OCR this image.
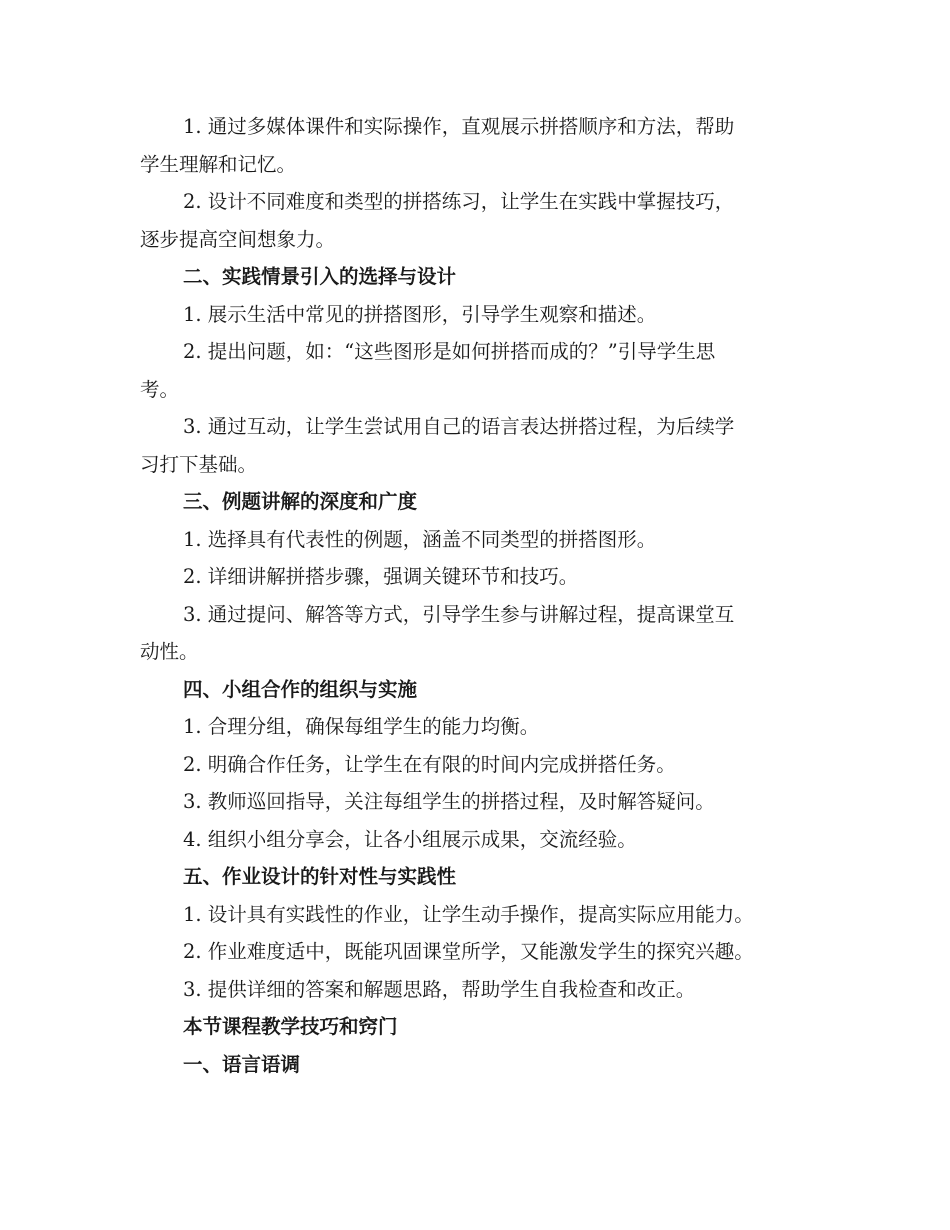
1. 通过多媒体课件和实际操作，直观展示拼搭顺序和方法，帮助

学生理解和记忆。

2. 设计不同难度和类型的拼搭练习，让学生在实践中掌握技巧，

逐步提高空间想象力。

二、实践情景引入的选择与设计

1. 展示生活中常见的拼搭图形，引导学生观察和描述。

2. 提出问题，如：“这些图形是如何拼搭而成的？”引导学生思

考。

3. 通过互动，让学生尝试用自己的语言表达拼搭过程，为后续学

习打下基础。

三、例题讲解的深度和广度

1. 选择具有代表性的例题，涵盖不同类型的拼搭图形。

2. 详细讲解拼搭步骤，强调关键环节和技巧。

3. 通过提问、解答等方式，引导学生参与讲解过程，提高课堂互

动性。

四、小组合作的组织与实施

1. 合理分组，确保每组学生的能力均衡。

2. 明确合作任务，让学生在有限的时间内完成拼搭任务。

3. 教师巡回指导，关注每组学生的拼搭过程，及时解答疑问。

4. 组织小组分享会，让各小组展示成果，交流经验。

五、作业设计的针对性与实践性

1. 设计具有实践性的作业，让学生动手操作，提高实际应用能力。

2. 作业难度适中，既能巩固课堂所学，又能激发学生的探究兴趣。

3. 提供详细的答案和解题思路，帮助学生自我检查和改正。

本节课程教学技巧和窍门

一、语言语调
